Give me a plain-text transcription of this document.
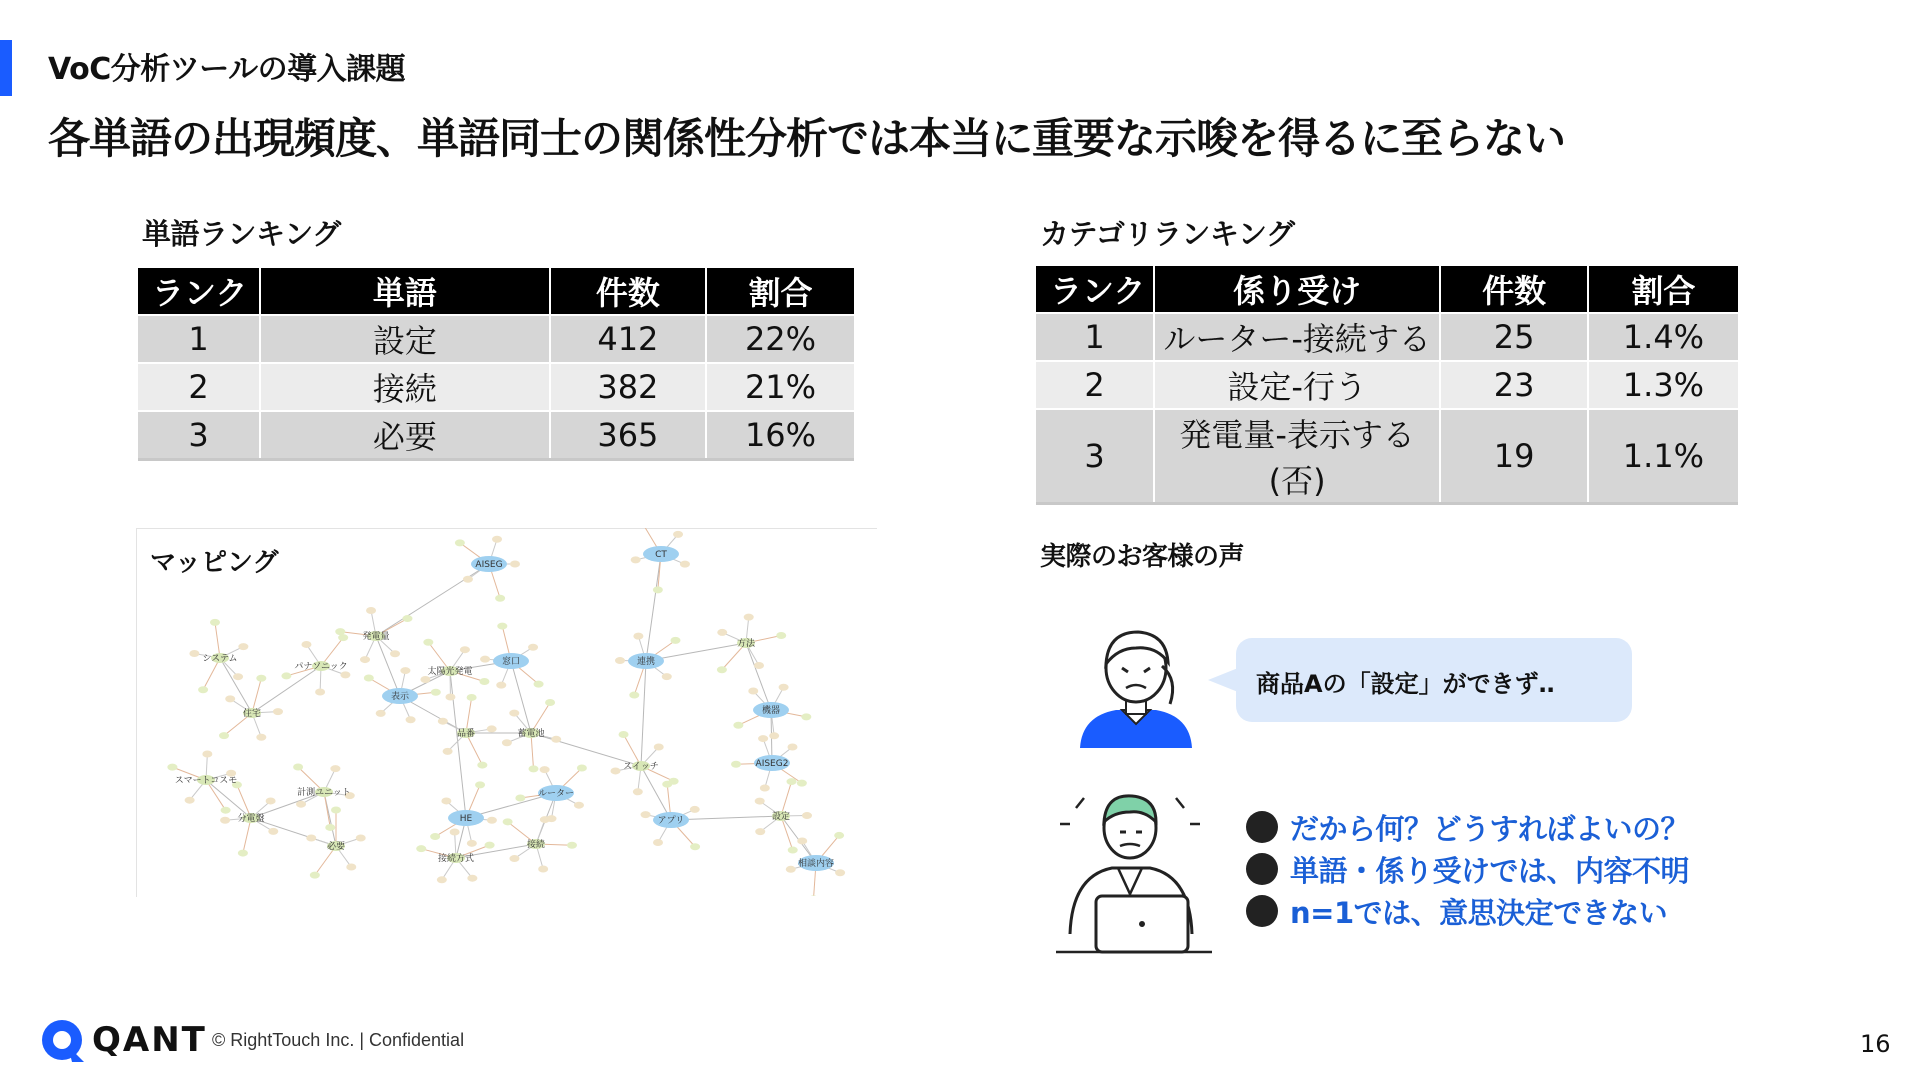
VoC分析ツールの導入課題
各単語の出現頻度、単語同士の関係性分析では本当に重要な示唆を得るに至らない
単語ランキング
ランク	単語	件数	割合
1	設定	412	22%
2	接続	382	21%
3	必要	365	16%
カテゴリランキング
ランク	係り受け	件数	割合
1	ルーター-接続する	25	1.4%
2	設定-行う	23	1.3%
3	発電量-表示する(否)	19	1.1%
AISEG
CT
システム
住宅
パナソニック
発電量
表示
太陽光発電
窓口
品番	蓄電池
連携
方法
機器
AISEG2
スマートコスモ
計測ユニット
分電盤
必要
HE
ルーター
接続方式
接続
スイッチ
アプリ	設定
相談内容
マッピング	実際のお客様の声
商品Aの「設定」ができず‥
だから何？どうすればよいの？
単語・係り受けでは、内容不明
n=1では、意思決定できない
QANT © RightTouch Inc. | Confidential	16
